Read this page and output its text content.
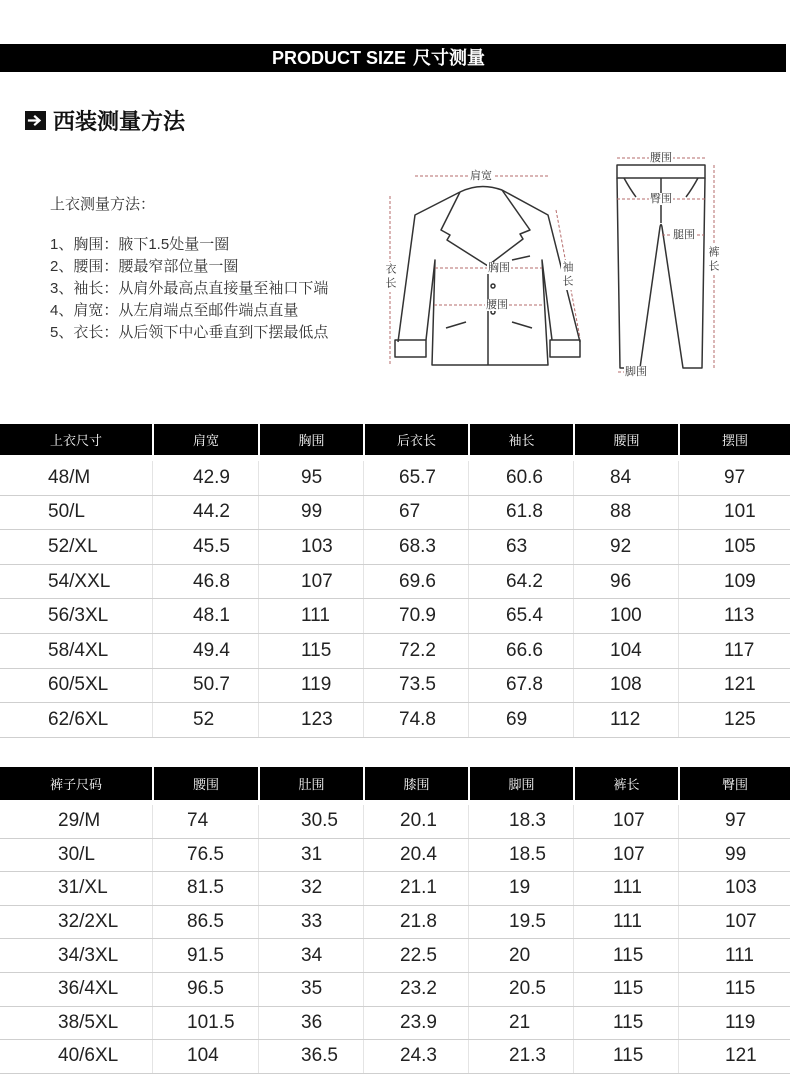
PRODUCT SIZE 尺寸测量
西装测量方法
上衣测量方法：
1、胸围：腋下1.5处量一圈
2、腰围：腰最窄部位量一圈
3、袖长：从肩外最高点直接量至袖口下端
4、肩宽：从左肩端点至邮件端点直量
5、衣长：从后领下中心垂直到下摆最低点
肩宽
衣长	胸围
腰围
袖长
腰围
臀围
腿围
裤长
脚围
上衣尺寸	肩宽	胸围	后衣长	袖长	腰围	摆围
48/M	42.9	95	65.7	60.6	84	97
50/L	44.2	99	67	61.8	88	101
52/XL	45.5	103	68.3	63	92	105
54/XXL	46.8	107	69.6	64.2	96	109
56/3XL	48.1	111	70.9	65.4	100	113
58/4XL	49.4	115	72.2	66.6	104	117
60/5XL	50.7	119	73.5	67.8	108	121
62/6XL	52	123	74.8	69	112	125
裤子尺码	腰围	肚围	膝围	脚围	裤长	臀围
29/M	74	30.5	20.1	18.3	107	97
30/L	76.5	31	20.4	18.5	107	99
31/XL	81.5	32	21.1	19	111	103
32/2XL	86.5	33	21.8	19.5	111	107
34/3XL	91.5	34	22.5	20	115	111
36/4XL	96.5	35	23.2	20.5	115	115
38/5XL	101.5	36	23.9	21	115	119
40/6XL	104	36.5	24.3	21.3	115	121
